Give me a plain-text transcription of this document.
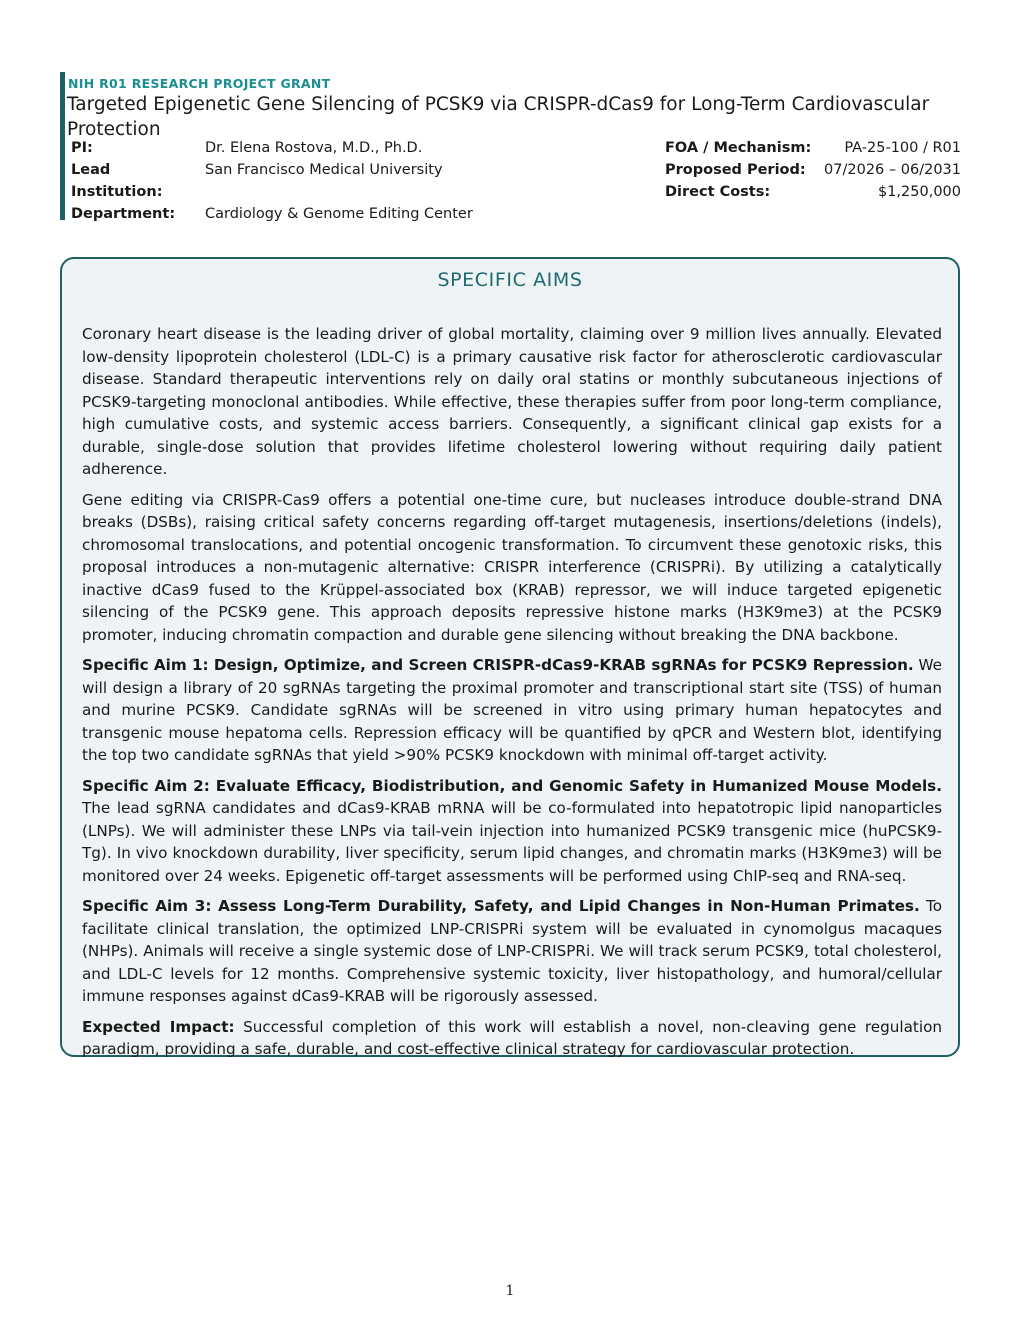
NIH R01 RESEARCH PROJECT GRANT
Targeted Epigenetic Gene Silencing of PCSK9 via CRISPR-dCas9 for Long-Term Cardiovascular Protection
PI:	Dr. Elena Rostova, M.D., Ph.D.
Lead Institution:
San Francisco Medical University
Department:	Cardiology & Genome Editing Center
FOA / Mechanism:	PA-25-100 / R01
Proposed Period:	07/2026 – 06/2031
Direct Costs:	$1,250,000
SPECIFIC AIMS

Coronary heart disease is the leading driver of global mortality, claiming over 9 million lives annually. Elevated low-density lipoprotein cholesterol (LDL-C) is a primary causative risk factor for atherosclerotic cardiovascular disease. Standard therapeutic interventions rely on daily oral statins or monthly subcutaneous injections of PCSK9-targeting monoclonal antibodies. While effective, these therapies suffer from poor long-term compliance, high cumulative costs, and systemic access barriers. Consequently, a significant clinical gap exists for a durable, single-dose solution that provides lifetime cholesterol lowering without requiring daily patient adherence.

Gene editing via CRISPR-Cas9 offers a potential one-time cure, but nucleases introduce double-strand DNA breaks (DSBs), raising critical safety concerns regarding off-target mutagenesis, insertions/deletions (indels), chromosomal translocations, and potential oncogenic transformation. To circumvent these genotoxic risks, this proposal introduces a non-mutagenic alternative: CRISPR interference (CRISPRi). By utilizing a catalytically inactive dCas9 fused to the Krüppel-associated box (KRAB) repressor, we will induce targeted epigenetic silencing of the PCSK9 gene. This approach deposits repressive histone marks (H3K9me3) at the PCSK9 promoter, inducing chromatin compaction and durable gene silencing without breaking the DNA backbone.

Specific Aim 1: Design, Optimize, and Screen CRISPR-dCas9-KRAB sgRNAs for PCSK9 Repression. We will design a library of 20 sgRNAs targeting the proximal promoter and transcriptional start site (TSS) of human and murine PCSK9. Candidate sgRNAs will be screened in vitro using primary human hepatocytes and transgenic mouse hepatoma cells. Repression efficacy will be quantified by qPCR and Western blot, identifying the top two candidate sgRNAs that yield >90% PCSK9 knockdown with minimal off-target activity.

Specific Aim 2: Evaluate Efficacy, Biodistribution, and Genomic Safety in Humanized Mouse Models. The lead sgRNA candidates and dCas9-KRAB mRNA will be co-formulated into hepatotropic lipid nanoparticles (LNPs). We will administer these LNPs via tail-vein injection into humanized PCSK9 transgenic mice (huPCSK9-Tg). In vivo knockdown durability, liver specificity, serum lipid changes, and chromatin marks (H3K9me3) will be monitored over 24 weeks. Epigenetic off-target assessments will be performed using ChIP-seq and RNA-seq.

Specific Aim 3: Assess Long-Term Durability, Safety, and Lipid Changes in Non-Human Primates. To facilitate clinical translation, the optimized LNP-CRISPRi system will be evaluated in cynomolgus macaques (NHPs). Animals will receive a single systemic dose of LNP-CRISPRi. We will track serum PCSK9, total cholesterol, and LDL-C levels for 12 months. Comprehensive systemic toxicity, liver histopathology, and humoral/cellular immune responses against dCas9-KRAB will be rigorously assessed.

Expected Impact: Successful completion of this work will establish a novel, non-cleaving gene regulation paradigm, providing a safe, durable, and cost-effective clinical strategy for cardiovascular protection.

1
